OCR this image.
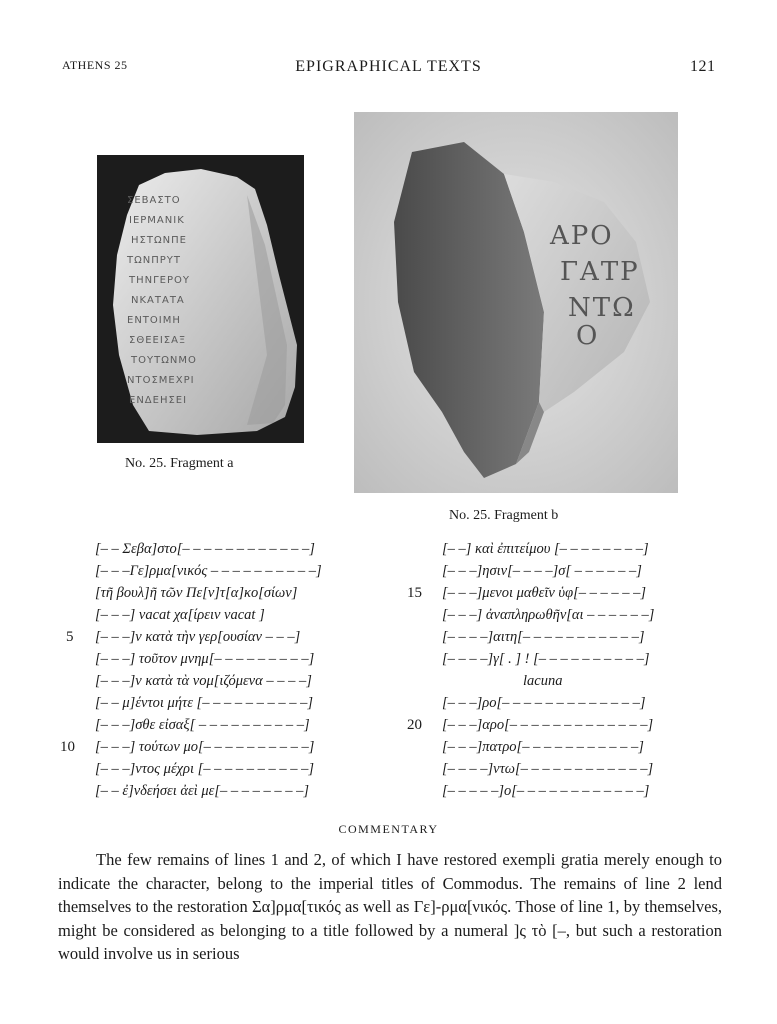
ATHENS 25	EPIGRAPHICAL TEXTS	121
ΣΕΒΑΣΤΟ
ΙΕΡΜΑΝΙΚ
ΗΣΤΩΝΠΕ
ΤΩΝΠΡΥΤ
ΤΗΝΓΕΡΟΥ
ΝΚΑΤΑΤΑ
ΕΝΤΟΙΜΗ
ΣΘΕΕΙΣΑΞ
ΤΟΥΤΩΝΜΟ
ΝΤΟΣΜΕΧΡΙ
ΕΝΔΕΗΣΕΙ
No. 25. Fragment a
ΑΡΟ
ΓΑΤΡ
ΝΤΩ
Ο
No. 25. Fragment b
[– – Σεβα]στο[– – – – – – – – – – – –]
[– – –Γε]ρμα[νικός – – – – – – – – – –]
[τῆ βουλ]ῆ τῶν Πε[ν]τ[α]κο[σίων]
[– – –] vacat χα[ίρειν vacat ]
5 [– – –]ν κατὰ τὴν γερ[ουσίαν – – –]
[– – –] τοῦτον μνημ[– – – – – – – – –]
[– – –]ν κατὰ τὰ νομ[ιζόμενα – – – –]
[– – μ]έντοι μήτε [– – – – – – – – – –]
[– – –]σθε εἰσαξ[ – – – – – – – – – –]
10 [– – –] τούτων μο[– – – – – – – – – –]
[– – –]ντος μέχρι [– – – – – – – – – –]
[– – ἐ]νδεήσει ἀεὶ με[– – – – – – – –]
[– –] καὶ ἐπιτείμου [– – – – – – – –]
[– – –]ησιν[– – – –]σ[ – – – – – –]
15 [– – –]μενοι μαθεῖν ὑφ[– – – – – –]
[– – –] ἀναπληρωθῆν[αι – – – – – –]
[– – – –]αιτη[– – – – – – – – – – –]
[– – – –]γ[ . ] ! [– – – – – – – – – –]
lacuna
[– – –]ρο[– – – – – – – – – – – – –]
20 [– – –]αρο[– – – – – – – – – – – – –]
[– – –]πατρο[– – – – – – – – – – –]
[– – – –]ντω[– – – – – – – – – – – –]
[– – – – –]ο[– – – – – – – – – – – –]
COMMENTARY

The few remains of lines 1 and 2, of which I have restored exempli gratia merely enough to indicate the character, belong to the imperial titles of Commodus. The remains of line 2 lend themselves to the restoration Σα]ρμα[τικός as well as Γε]-ρμα[νικός. Those of line 1, by themselves, might be considered as belonging to a title followed by a numeral ]ς τὸ [–, but such a restoration would involve us in serious
